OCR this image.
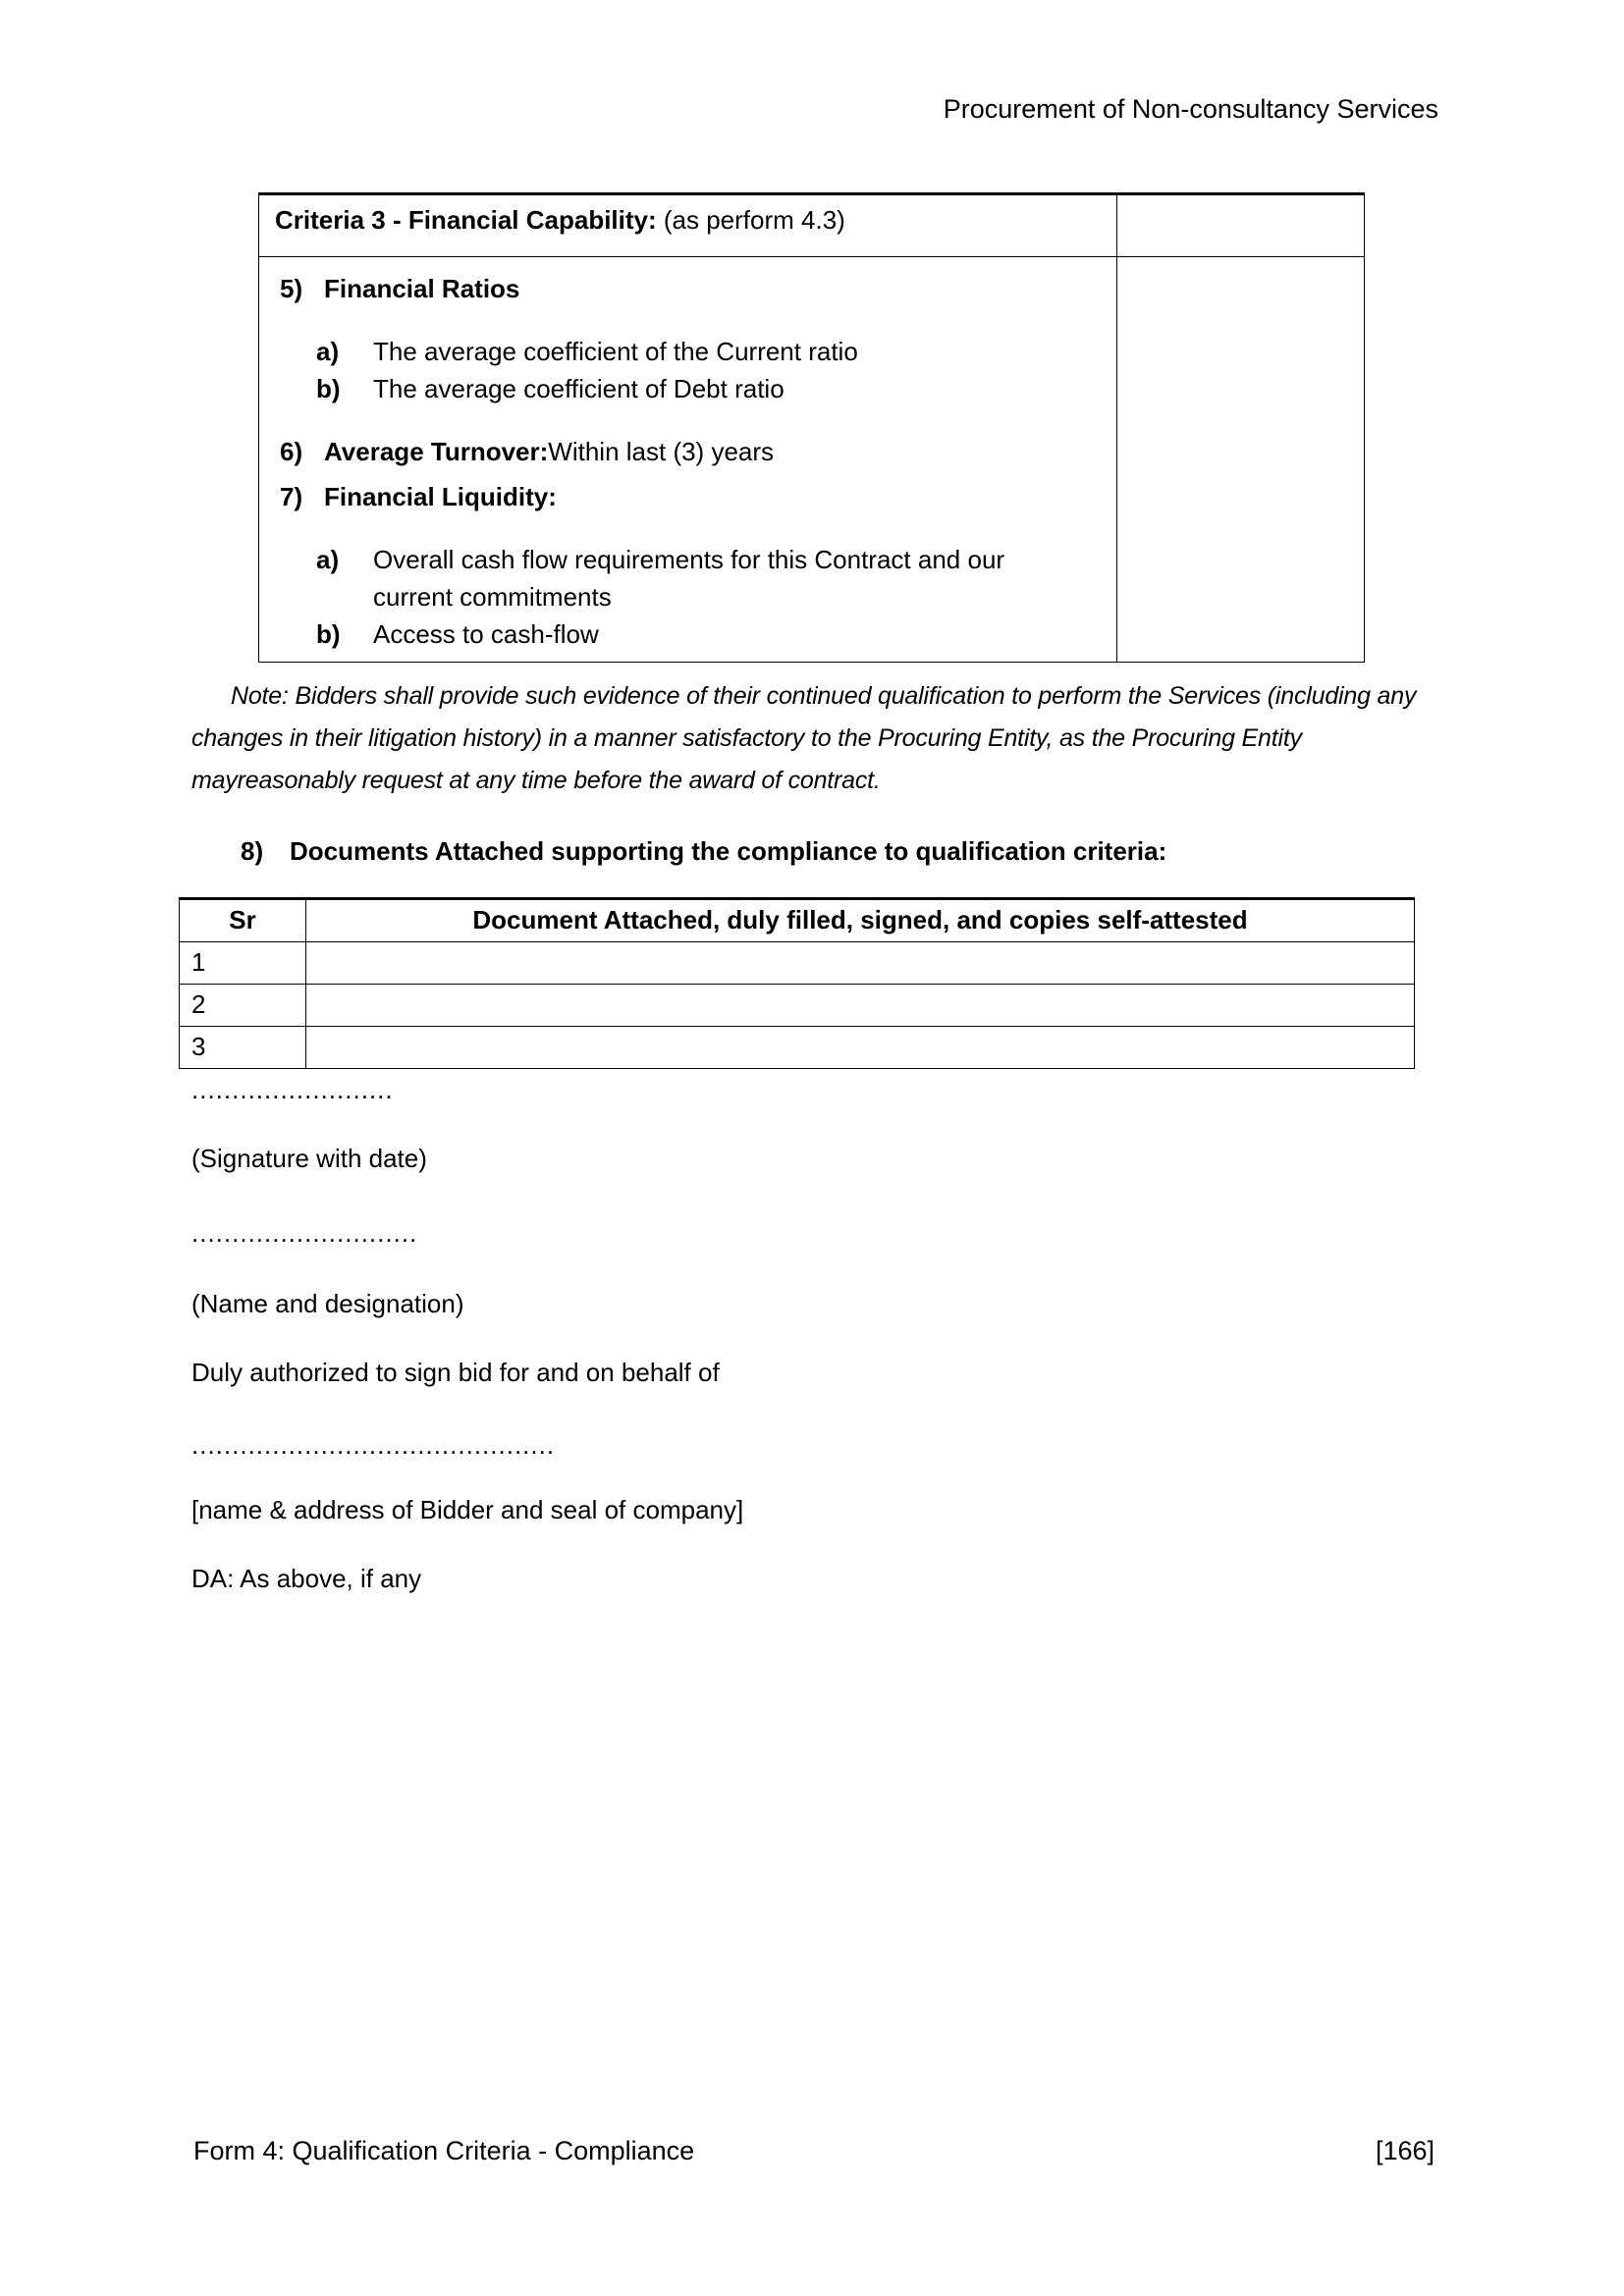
Procurement of Non-consultancy Services
Criteria 3 - Financial Capability: (as perform 4.3)
5) Financial Ratios
a)	The average coefficient of the Current ratio
b)	The average coefficient of Debt ratio
6) Average Turnover:Within last (3) years
7) Financial Liquidity:
a)	Overall cash flow requirements for this Contract and our current commitments
b)	Access to cash-flow
Note: Bidders shall provide such evidence of their continued qualification to perform the Services (including any changes in their litigation history) in a manner satisfactory to the Procuring Entity, as the Procuring Entity mayreasonably request at any time before the award of contract.
8)	Documents Attached supporting the compliance to qualification criteria:
Sr	Document Attached, duly filled, signed, and copies self-attested
1
2
3
.........................
(Signature with date)
............................
(Name and designation)
Duly authorized to sign bid for and on behalf of
.............................................
[name & address of Bidder and seal of company]
DA: As above, if any
Form 4: Qualification Criteria - Compliance	[166]
